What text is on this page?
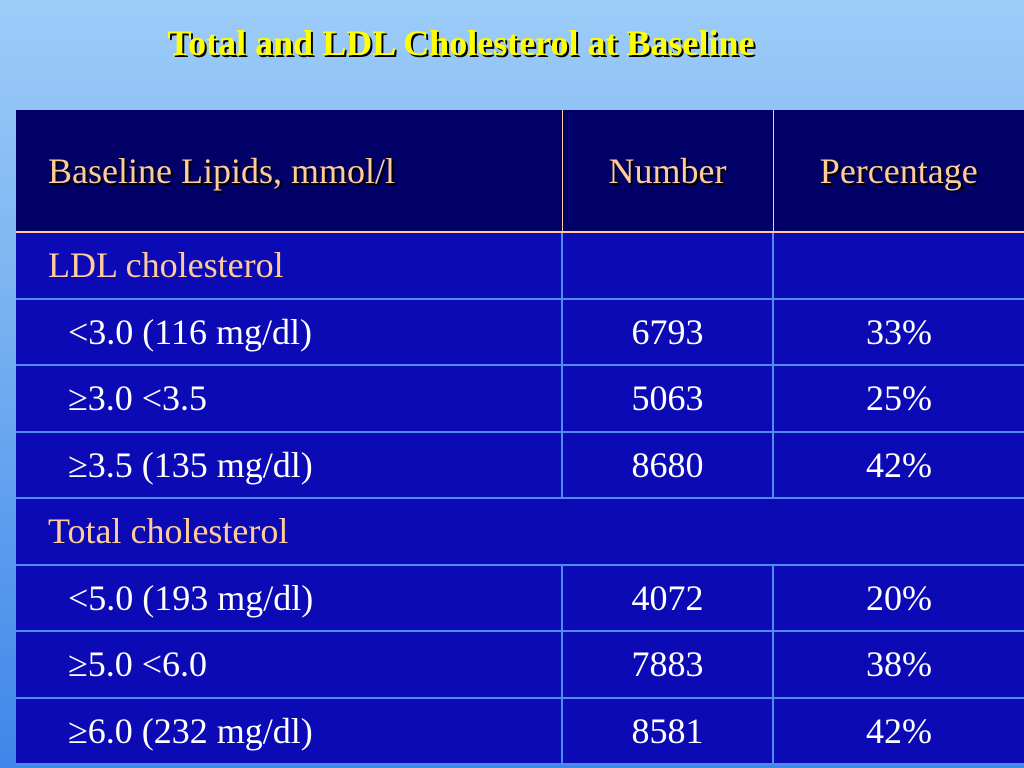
Total and LDL Cholesterol at Baseline
Baseline Lipids, mmol/l	Number	Percentage
LDL cholesterol		
<3.0 (116 mg/dl)	6793	33%
≥3.0 <3.5	5063	25%
≥3.5 (135 mg/dl)	8680	42%
Total cholesterol		
<5.0 (193 mg/dl)	4072	20%
≥5.0 <6.0	7883	38%
≥6.0 (232 mg/dl)	8581	42%
